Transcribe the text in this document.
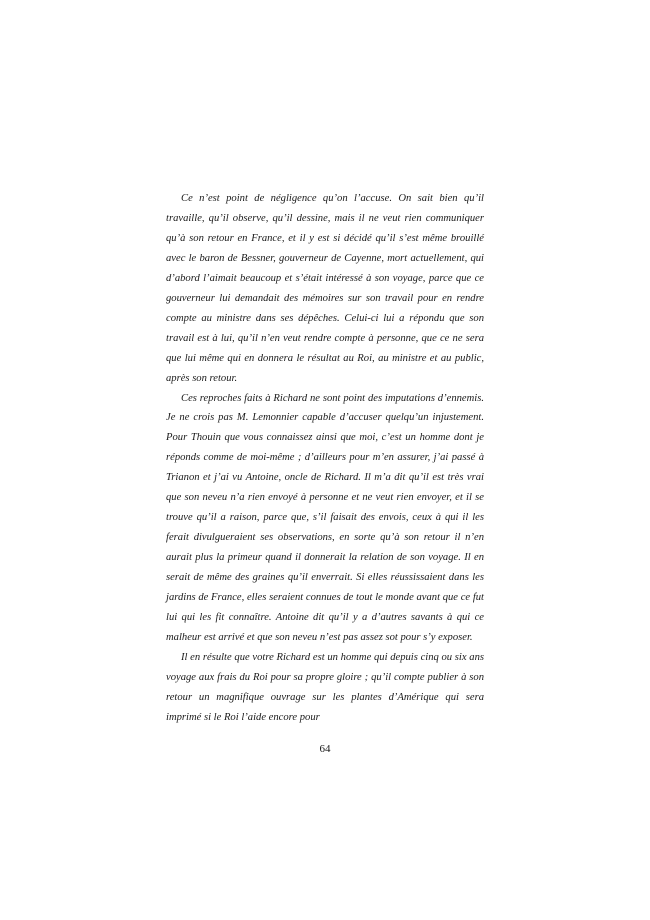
Ce n’est point de négligence qu’on l’accuse. On sait bien qu’il travaille, qu’il observe, qu’il dessine, mais il ne veut rien communiquer qu’à son retour en France, et il y est si décidé qu’il s’est même brouillé avec le baron de Bessner, gouverneur de Cayenne, mort actuellement, qui d’abord l’aimait beaucoup et s’était intéressé à son voyage, parce que ce gouverneur lui demandait des mémoires sur son travail pour en rendre compte au ministre dans ses dépêches. Celui-ci lui a répondu que son travail est à lui, qu’il n’en veut rendre compte à personne, que ce ne sera que lui même qui en donnera le résultat au Roi, au ministre et au public, après son retour.

Ces reproches faits à Richard ne sont point des imputations d’ennemis. Je ne crois pas M. Lemonnier capable d’accuser quelqu’un injustement. Pour Thouin que vous connaissez ainsi que moi, c’est un homme dont je réponds comme de moi-même ; d’ailleurs pour m’en assurer, j’ai passé à Trianon et j’ai vu Antoine, oncle de Richard. Il m’a dit qu’il est très vrai que son neveu n’a rien envoyé à personne et ne veut rien envoyer, et il se trouve qu’il a raison, parce que, s’il faisait des envois, ceux à qui il les ferait divulgueraient ses observations, en sorte qu’à son retour il n’en aurait plus la primeur quand il donnerait la relation de son voyage. Il en serait de même des graines qu’il enverrait. Si elles réussissaient dans les jardins de France, elles seraient connues de tout le monde avant que ce fut lui qui les fit connaître. Antoine dit qu’il y a d’autres savants à qui ce malheur est arrivé et que son neveu n’est pas assez sot pour s’y exposer.

Il en résulte que votre Richard est un homme qui depuis cinq ou six ans voyage aux frais du Roi pour sa propre gloire ; qu’il compte publier à son retour un magnifique ouvrage sur les plantes d’Amérique qui sera imprimé si le Roi l’aide encore pour

64
